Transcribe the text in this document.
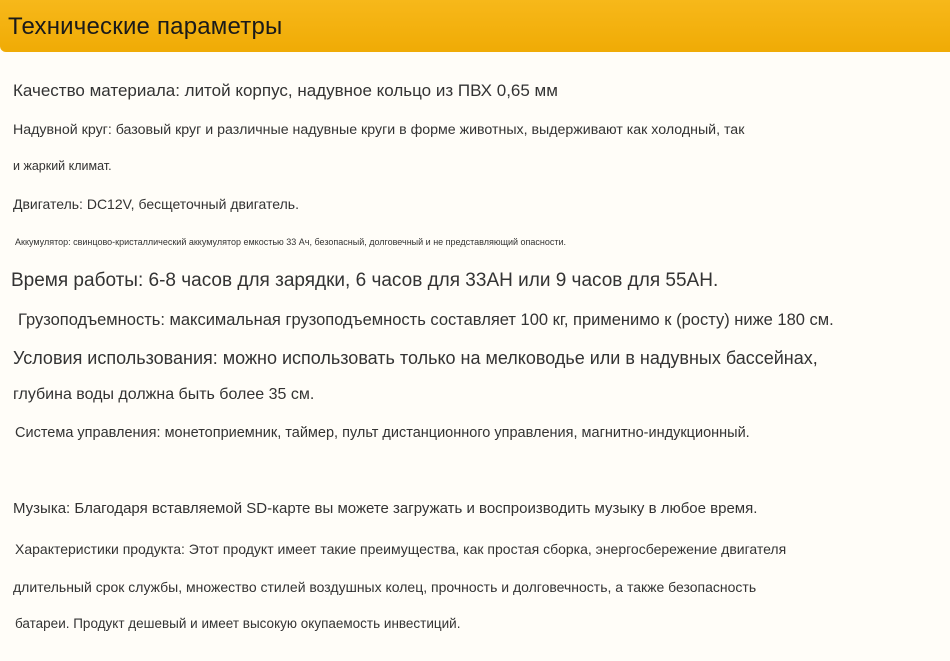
Технические параметры
Качество материала: литой корпус, надувное кольцо из ПВХ 0,65 мм
Надувной круг: базовый круг и различные надувные круги в форме животных, выдерживают как холодный, так
и жаркий климат.
Двигатель: DC12V, бесщеточный двигатель.
Аккумулятор: свинцово-кристаллический аккумулятор емкостью 33 Ач, безопасный, долговечный и не представляющий опасности.
Время работы: 6-8 часов для зарядки, 6 часов для 33AH или 9 часов для 55AH.
Грузоподъемность: максимальная грузоподъемность составляет 100 кг, применимо к (росту) ниже 180 см.
Условия использования: можно использовать только на мелководье или в надувных бассейнах,
глубина воды должна быть более 35 см.
Система управления: монетоприемник, таймер, пульт дистанционного управления, магнитно-индукционный.
Музыка: Благодаря вставляемой SD-карте вы можете загружать и воспроизводить музыку в любое время.
Характеристики продукта: Этот продукт имеет такие преимущества, как простая сборка, энергосбережение двигателя
длительный срок службы, множество стилей воздушных колец, прочность и долговечность, а также безопасность
батареи. Продукт дешевый и имеет высокую окупаемость инвестиций.
